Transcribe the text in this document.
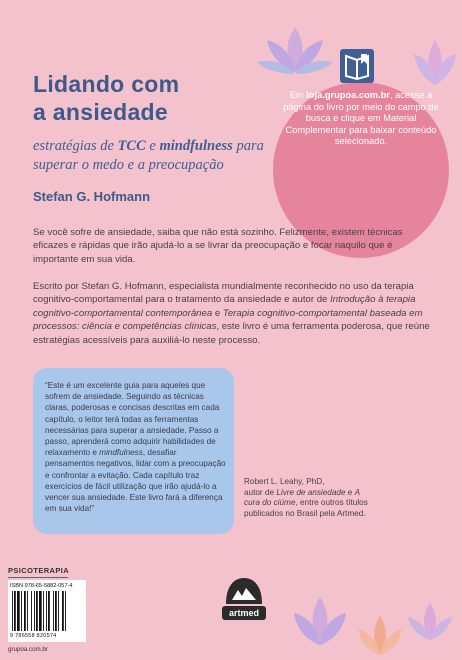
Lidando com
a ansiedade
estratégias de TCC e mindfulness para superar o medo e a preocupação
Stefan G. Hofmann
Em loja.grupoa.com.br, acesse a página do livro por meio do campo de busca e clique em Material Complementar para baixar conteúdo selecionado.
Se você sofre de ansiedade, saiba que não está sozinho. Felizmente, existem técnicas eficazes e rápidas que irão ajudá-lo a se livrar da preocupação e focar naquilo que é importante em sua vida.
Escrito por Stefan G. Hofmann, especialista mundialmente reconhecido no uso da terapia cognitivo-comportamental para o tratamento da ansiedade e autor de Introdução à terapia cognitivo-comportamental contemporânea e Terapia cognitivo-comportamental baseada em processos: ciência e competências clínicas, este livro é uma ferramenta poderosa, que reúne estratégias acessíveis para auxiliá-lo neste processo.
“Este é um excelente guia para aqueles que sofrem de ansiedade. Seguindo as técnicas claras, poderosas e concisas descritas em cada capítulo, o leitor terá todas as ferramentas necessárias para superar a ansiedade. Passo a passo, aprenderá como adquirir habilidades de relaxamento e mindfulness, desafiar pensamentos negativos, lidar com a preocupação e confrontar a evitação. Cada capítulo traz exercícios de fácil utilização que irão ajudá-lo a vencer sua ansiedade. Este livro fará a diferença em sua vida!”
Robert L. Leahy, PhD,
autor de Livre de ansiedade e A cura do ciúme, entre outros títulos publicados no Brasil pela Artmed.
PSICOTERAPIA
ISBN 978-65-5882-057-4
9 786558 820574
grupoa.com.br
artmed
